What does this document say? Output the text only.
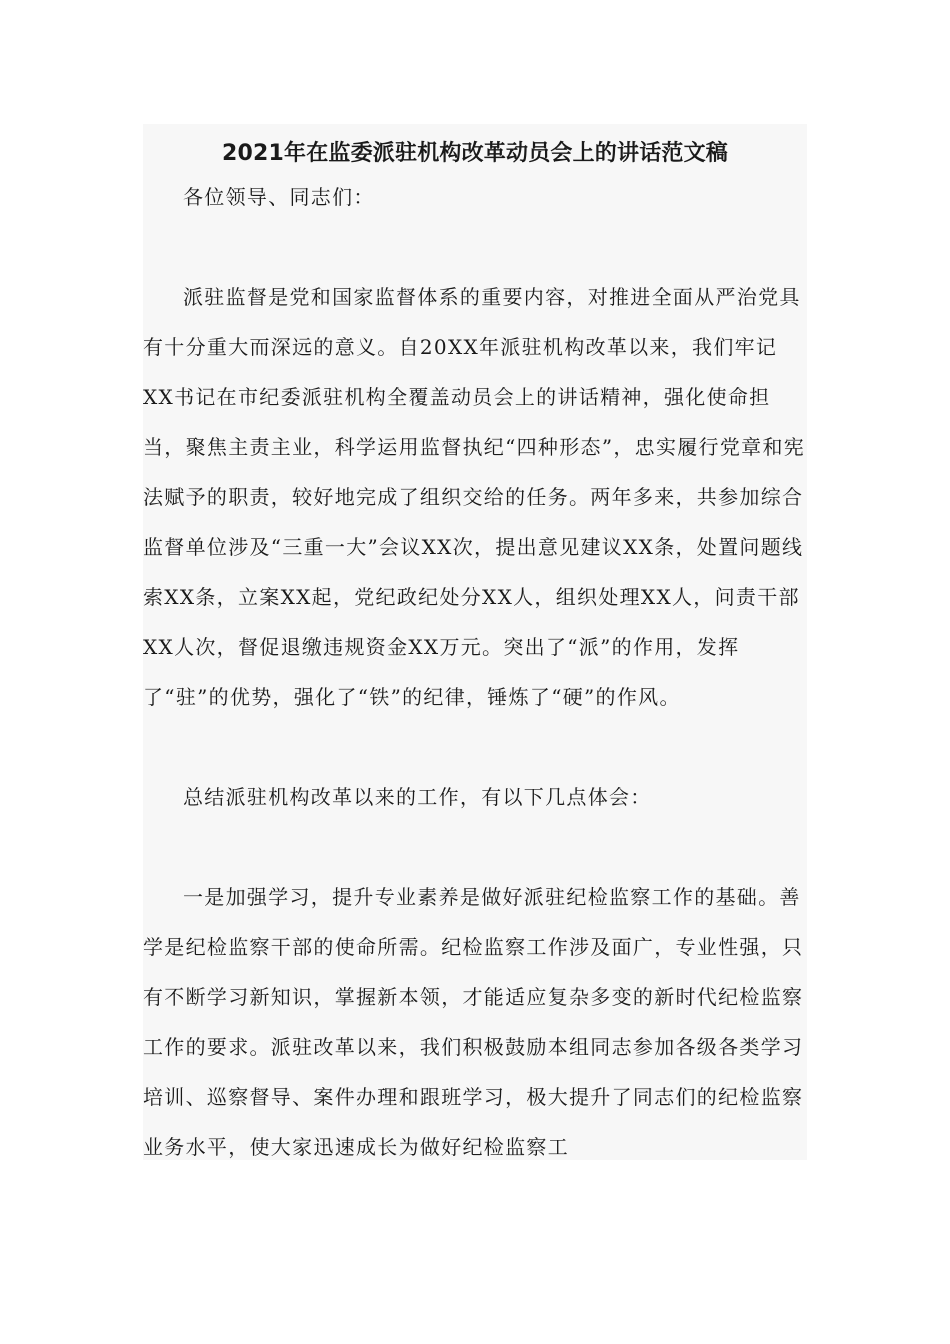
2021年在监委派驻机构改革动员会上的讲话范文稿

各位领导、同志们：

派驻监督是党和国家监督体系的重要内容，对推进全面从严治党具有十分重大而深远的意义。自20XX年派驻机构改革以来，我们牢记XX书记在市纪委派驻机构全覆盖动员会上的讲话精神，强化使命担当，聚焦主责主业，科学运用监督执纪“四种形态”，忠实履行党章和宪法赋予的职责，较好地完成了组织交给的任务。两年多来，共参加综合监督单位涉及“三重一大”会议XX次，提出意见建议XX条，处置问题线索XX条，立案XX起，党纪政纪处分XX人，组织处理XX人，问责干部XX人次，督促退缴违规资金XX万元。突出了“派”的作用，发挥了“驻”的优势，强化了“铁”的纪律，锤炼了“硬”的作风。

总结派驻机构改革以来的工作，有以下几点体会：

一是加强学习，提升专业素养是做好派驻纪检监察工作的基础。善学是纪检监察干部的使命所需。纪检监察工作涉及面广，专业性强，只有不断学习新知识，掌握新本领，才能适应复杂多变的新时代纪检监察工作的要求。派驻改革以来，我们积极鼓励本组同志参加各级各类学习培训、巡察督导、案件办理和跟班学习，极大提升了同志们的纪检监察业务水平，使大家迅速成长为做好纪检监察工
